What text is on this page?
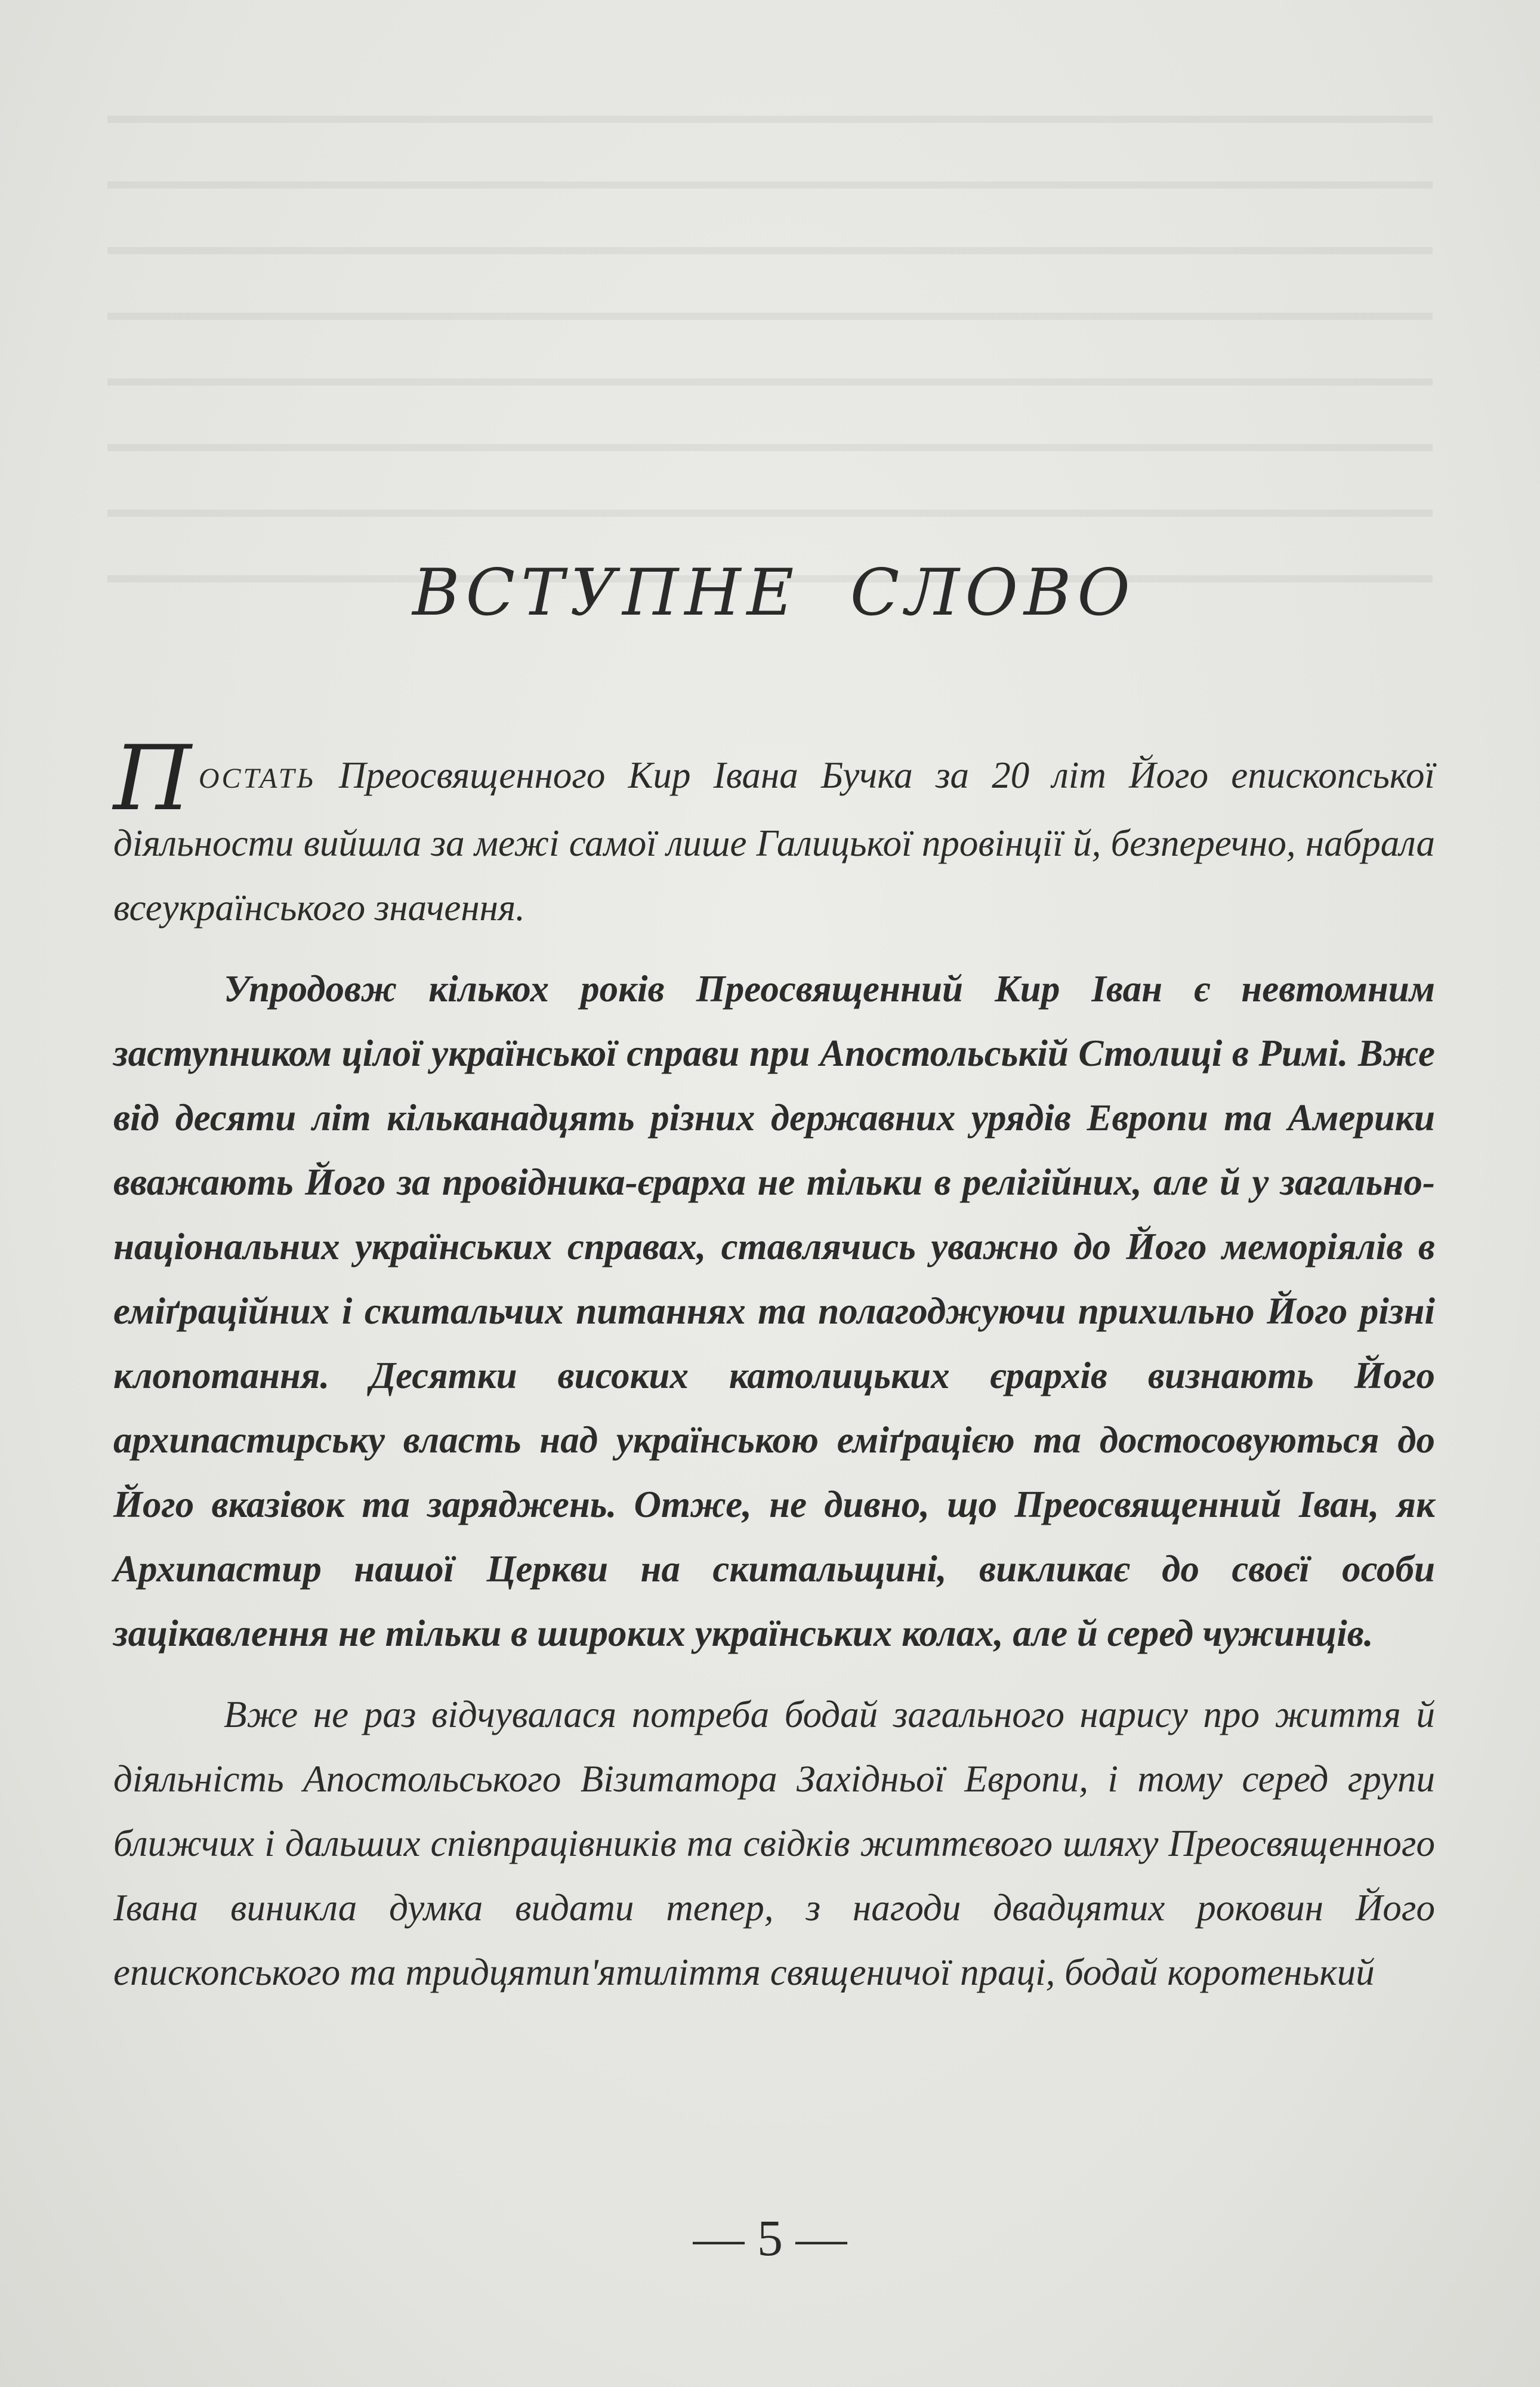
ВСТУПНЕ СЛОВО

ПОСТАТЬ Преосвященного Кир Івана Бучка за 20 літ Його епископської діяльности вийшла за межі самої лише Галицької провінції й, безперечно, набрала всеукраїнського значення.

Упродовж кількох років Преосвященний Кир Іван є невтомним заступником цілої української справи при Апостольській Столиці в Римі. Вже від десяти літ кільканадцять різних державних урядів Европи та Америки вважають Його за провідника-єрарха не тільки в релігійних, але й у загально-національних українських справах, ставлячись уважно до Його меморіялів в еміґраційних і скитальчих питаннях та полагоджуючи прихильно Його різні клопотання. Десятки високих католицьких єрархів визнають Його архипастирську власть над українською еміґрацією та достосовуються до Його вказівок та заряджень. Отже, не дивно, що Преосвященний Іван, як Архипастир нашої Церкви на скитальщині, викликає до своєї особи зацікавлення не тільки в широких українських колах, але й серед чужинців.

Вже не раз відчувалася потреба бодай загального нарису про життя й діяльність Апостольського Візитатора Західньої Европи, і тому серед групи ближчих і дальших співпрацівників та свідків життєвого шляху Преосвященного Івана виникла думка видати тепер, з нагоди двадцятих роковин Його епископського та тридцятип'ятиліття священичої праці, бодай коротенький

— 5 —
